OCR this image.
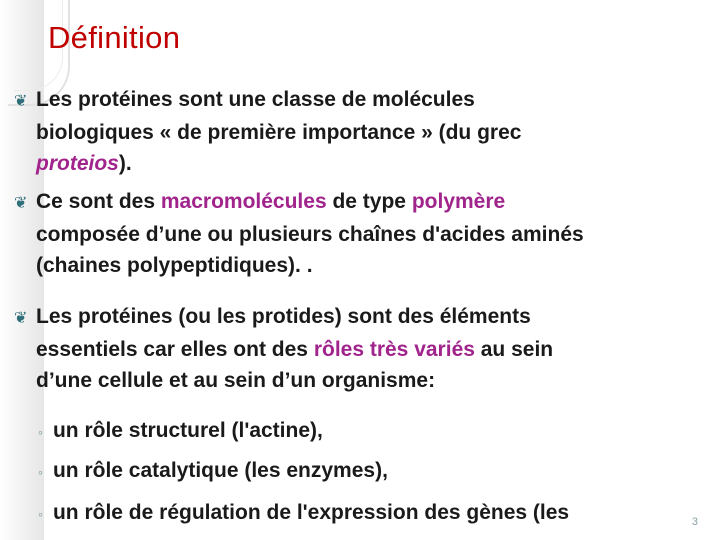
Définition
❦ Les protéines sont une classe de molécules
biologiques « de première importance » (du grec
proteios).
❦ Ce sont des macromolécules de type polymère
composée d’une ou plusieurs chaînes d'acides aminés
(chaines polypeptidiques). .
❦ Les protéines (ou les protides) sont des éléments
essentiels car elles ont des rôles très variés au sein
d’une cellule et au sein d’un organisme:
◦ un rôle structurel (l'actine),
◦ un rôle catalytique (les enzymes),
◦ un rôle de régulation de l'expression des gènes (les	3
